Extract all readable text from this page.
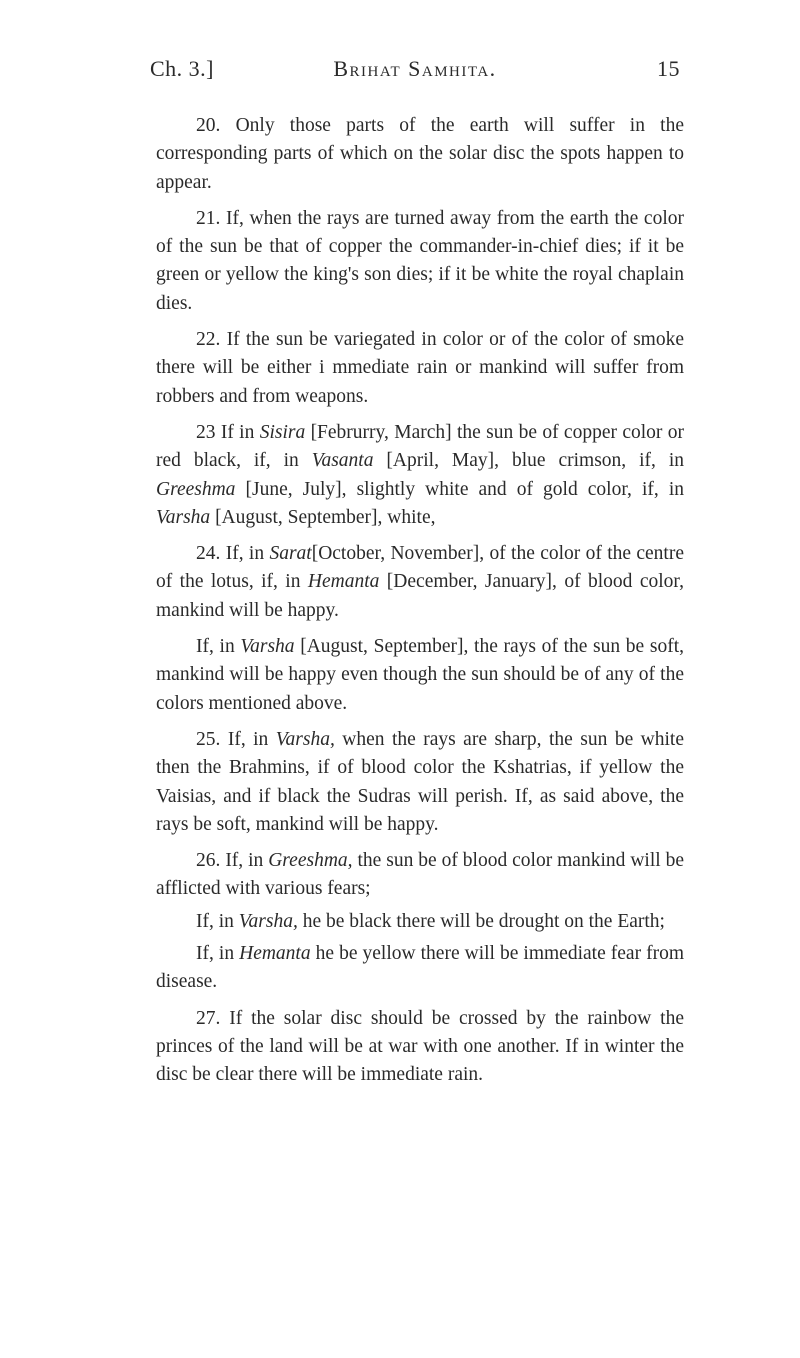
Ch. 3.]	Brihat Samhita.	15

20. Only those parts of the earth will suffer in the corresponding parts of which on the solar disc the spots happen to appear.

21. If, when the rays are turned away from the earth the color of the sun be that of copper the commander-in-chief dies; if it be green or yellow the king's son dies; if it be white the royal chaplain dies.

22. If the sun be variegated in color or of the color of smoke there will be either i mmediate rain or mankind will suffer from robbers and from weapons.

23 If in Sisira [Februrry, March] the sun be of copper color or red black, if, in Vasanta [April, May], blue crimson, if, in Greeshma [June, July], slightly white and of gold color, if, in Varsha [August, September], white,

24. If, in Sarat[October, November], of the color of the centre of the lotus, if, in Hemanta [December, January], of blood color, mankind will be happy.

If, in Varsha [August, September], the rays of the sun be soft, mankind will be happy even though the sun should be of any of the colors mentioned above.

25. If, in Varsha, when the rays are sharp, the sun be white then the Brahmins, if of blood color the Kshatrias, if yellow the Vaisias, and if black the Sudras will perish. If, as said above, the rays be soft, mankind will be happy.

26. If, in Greeshma, the sun be of blood color mankind will be afflicted with various fears;

If, in Varsha, he be black there will be drought on the Earth;

If, in Hemanta he be yellow there will be immediate fear from disease.

27. If the solar disc should be crossed by the rainbow the princes of the land will be at war with one another. If in winter the disc be clear there will be immediate rain.
